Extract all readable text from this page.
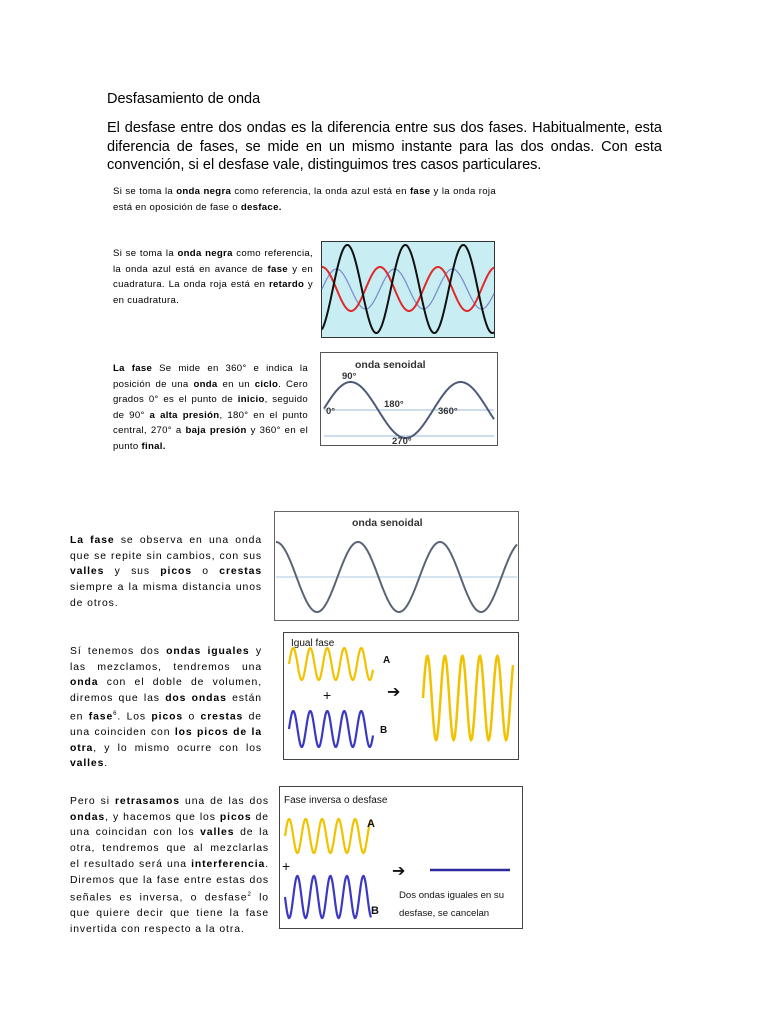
Desfasamiento de onda
El desfase entre dos ondas es la diferencia entre sus dos fases. Habitualmente, esta diferencia de fases, se mide en un mismo instante para las dos ondas. Con esta convención, si el desfase vale, distinguimos tres casos particulares.
Si se toma la onda negra como referencia, la onda azul está en fase y la onda roja está en oposición de fase o desface.
Si se toma la onda negra como referencia, la onda azul está en avance de fase y en cuadratura. La onda roja está en retardo y en cuadratura.
La fase Se mide en 360° e indica la posición de una onda en un ciclo. Cero grados 0° es el punto de inicio, seguido de 90° a alta presión, 180° en el punto central, 270° a baja presión y 360° en el punto final.
onda senoidal
90°
0°
180°
360°
270°
La fase se observa en una onda que se repite sin cambios, con sus valles y sus picos o crestas siempre a la misma distancia unos de otros.
onda senoidal
Sí tenemos dos ondas iguales y las mezclamos, tendremos una onda con el doble de volumen, diremos que las dos ondas están en fase$^6$. Los picos o crestas de una coinciden con los picos de la otra, y lo mismo ocurre con los valles.
Igual fase
A
B
+	➔
Pero si retrasamos una de las dos ondas, y hacemos que los picos de una coincidan con los valles de la otra, tendremos que al mezclarlas el resultado será una interferencia. Diremos que la fase entre estas dos señales es inversa, o desfase$^2$ lo que quiere decir que tiene la fase invertida con respecto a la otra.
Fase inversa o desfase
A
B
+	➔
Dos ondas iguales en su
desfase, se cancelan
